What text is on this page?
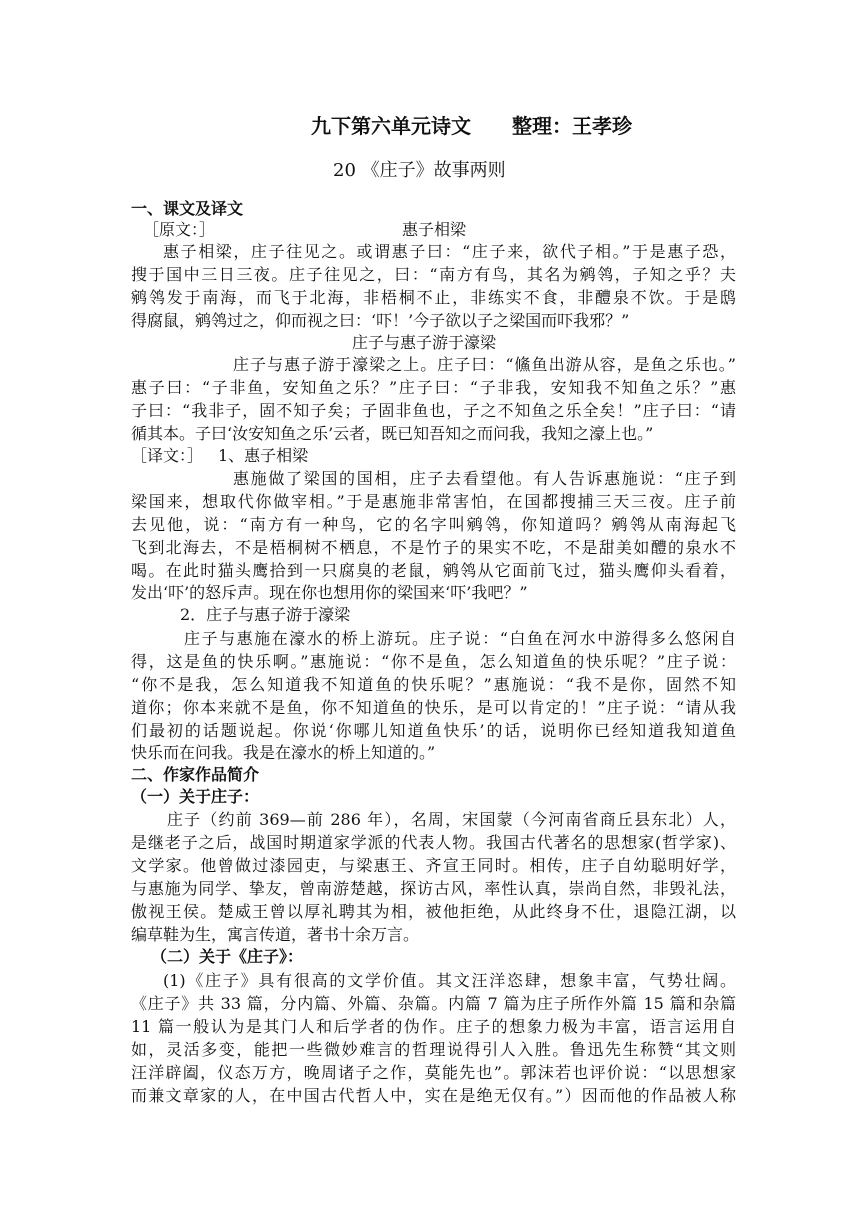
九下第六单元诗文 整理：王孝珍
20 《庄子》故事两则
一、课文及译文
［原文：］	惠子相梁
惠子相梁，庄子往见之。或谓惠子曰：“庄子来，欲代子相。”于是惠子恐，
搜于国中三日三夜。庄子往见之，曰：“南方有鸟，其名为鹓鸰，子知之乎？夫
鹓鸰发于南海，而飞于北海，非梧桐不止，非练实不食，非醴泉不饮。于是鸱
得腐鼠，鹓鸰过之，仰而视之曰：‘吓！’今子欲以子之梁国而吓我邪？”
庄子与惠子游于濠梁
庄子与惠子游于濠梁之上。庄子曰：“鯈鱼出游从容，是鱼之乐也。”
惠子曰：“子非鱼，安知鱼之乐？”庄子曰：“子非我，安知我不知鱼之乐？”惠
子曰：“我非子，固不知子矣；子固非鱼也，子之不知鱼之乐全矣！”庄子曰：“请
循其本。子曰‘汝安知鱼之乐’云者，既已知吾知之而问我，我知之濠上也。”
［译文：］ 1、惠子相梁
惠施做了梁国的国相，庄子去看望他。有人告诉惠施说：“庄子到
梁国来，想取代你做宰相。”于是惠施非常害怕，在国都搜捕三天三夜。庄子前
去见他，说：“南方有一种鸟，它的名字叫鹓鸰，你知道吗？鹓鸰从南海起飞
飞到北海去，不是梧桐树不栖息，不是竹子的果实不吃，不是甜美如醴的泉水不
喝。在此时猫头鹰拾到一只腐臭的老鼠，鹓鸰从它面前飞过，猫头鹰仰头看着，
发出‘吓’的怒斥声。现在你也想用你的梁国来‘吓’我吧？”
2．庄子与惠子游于濠梁
庄子与惠施在濠水的桥上游玩。庄子说：“白鱼在河水中游得多么悠闲自
得，这是鱼的快乐啊。”惠施说：“你不是鱼，怎么知道鱼的快乐呢？”庄子说：
“你不是我，怎么知道我不知道鱼的快乐呢？”惠施说：“我不是你，固然不知
道你；你本来就不是鱼，你不知道鱼的快乐，是可以肯定的！”庄子说：“请从我
们最初的话题说起。你说‘你哪儿知道鱼快乐’的话，说明你已经知道我知道鱼
快乐而在问我。我是在濠水的桥上知道的。”
二、作家作品简介
（一）关于庄子：
庄子（约前 369—前 286 年），名周，宋国蒙（今河南省商丘县东北）人，
是继老子之后，战国时期道家学派的代表人物。我国古代著名的思想家(哲学家)、
文学家。他曾做过漆园吏，与梁惠王、齐宣王同时。相传，庄子自幼聪明好学，
与惠施为同学、挚友，曾南游楚越，探访古风，率性认真，崇尚自然，非毁礼法，
傲视王侯。楚威王曾以厚礼聘其为相，被他拒绝，从此终身不仕，退隐江湖，以
编草鞋为生，寓言传道，著书十余万言。
（二）关于《庄子》：
(1)《庄子》具有很高的文学价值。其文汪洋恣肆，想象丰富，气势壮阔。
《庄子》共 33 篇，分内篇、外篇、杂篇。内篇 7 篇为庄子所作外篇 15 篇和杂篇
11 篇一般认为是其门人和后学者的伪作。庄子的想象力极为丰富，语言运用自
如，灵活多变，能把一些微妙难言的哲理说得引人入胜。鲁迅先生称赞“其文则
汪洋辟阖，仪态万方，晚周诸子之作，莫能先也”。郭沫若也评价说：“以思想家
而兼文章家的人，在中国古代哲人中，实在是绝无仅有。”）因而他的作品被人称
